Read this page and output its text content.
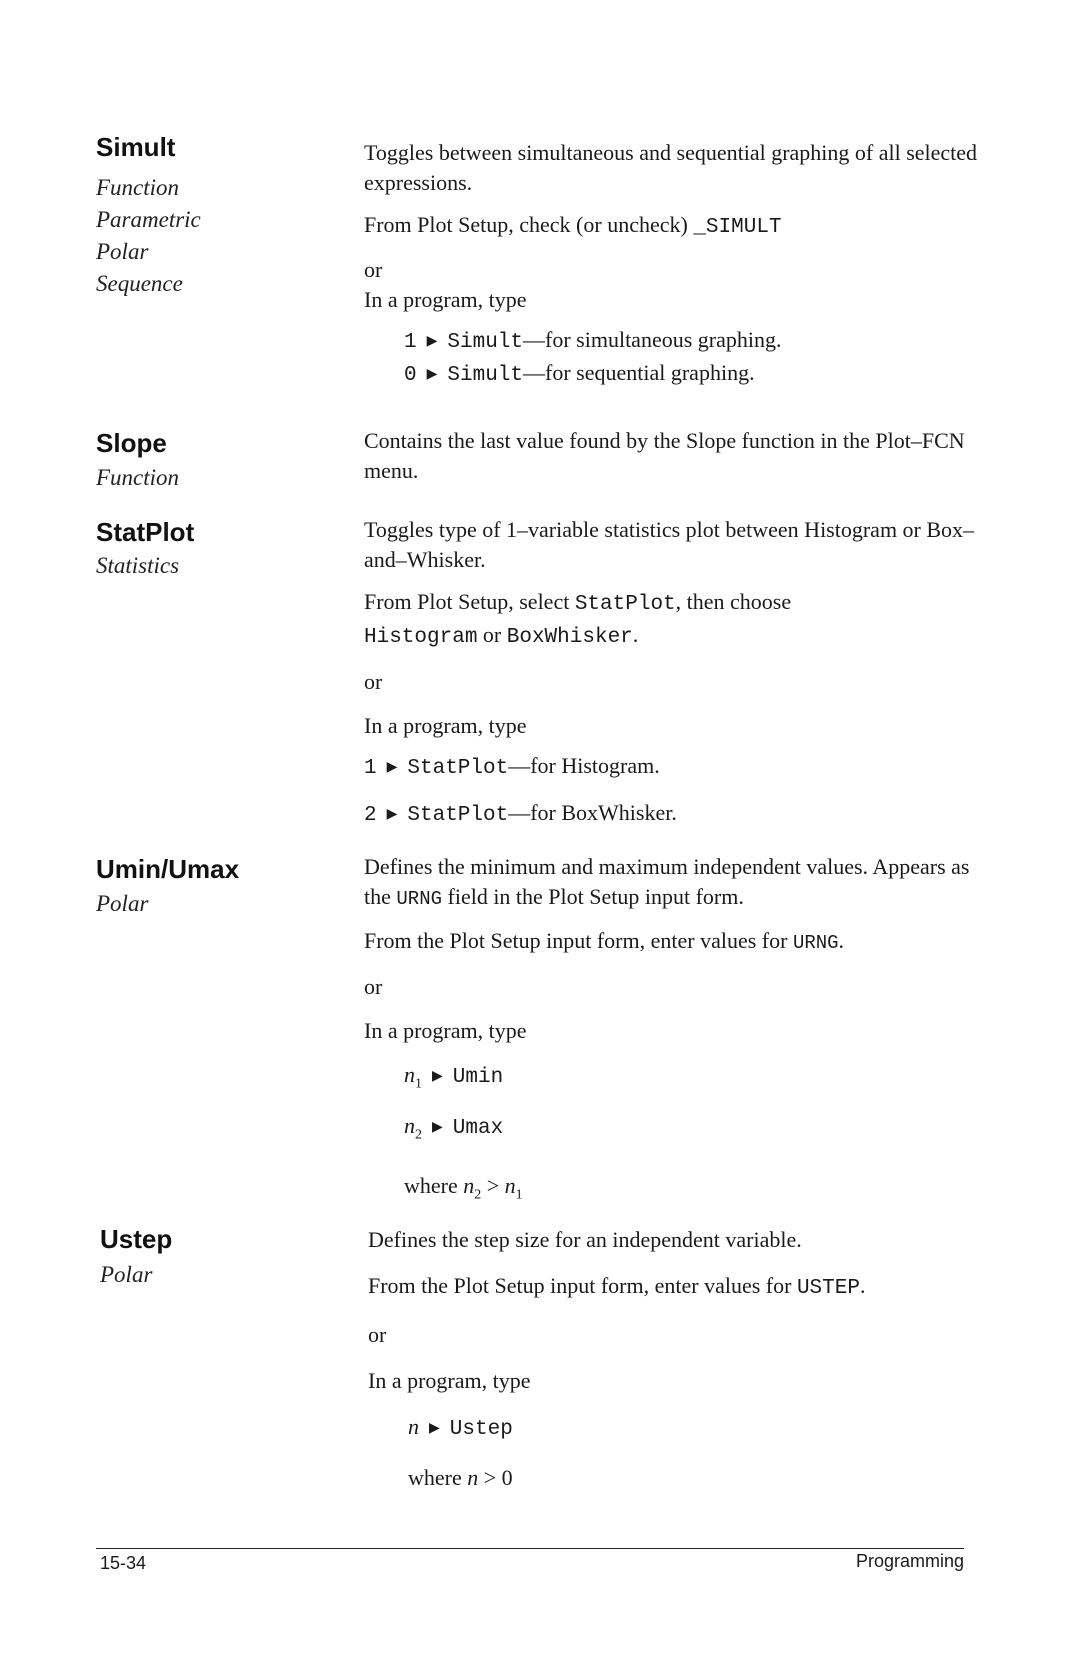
Simult
Function
Parametric
Polar
Sequence

Toggles between simultaneous and sequential graphing of all selected expressions.

From Plot Setup, check (or uncheck) _SIMULT

or

In a program, type

1 ▶ Simult—for simultaneous graphing.
0 ▶ Simult—for sequential graphing.
Slope
Function

Contains the last value found by the Slope function in the Plot–FCN menu.

StatPlot
Statistics

Toggles type of 1–variable statistics plot between Histogram or Box–and–Whisker.

From Plot Setup, select StatPlot, then choose
Histogram or BoxWhisker.

or

In a program, type

1 ▶ StatPlot—for Histogram.
2 ▶ StatPlot—for BoxWhisker.
Umin/Umax
Polar

Defines the minimum and maximum independent values. Appears as the URNG field in the Plot Setup input form.

From the Plot Setup input form, enter values for URNG.

or

In a program, type

$n_1$ ▶ Umin
$n_2$ ▶ Umax
where $n_2 > n_1$
Ustep
Polar

Defines the step size for an independent variable.

From the Plot Setup input form, enter values for USTEP.

or

In a program, type

n ▶ Ustep
where n > 0
15-34	Programming
